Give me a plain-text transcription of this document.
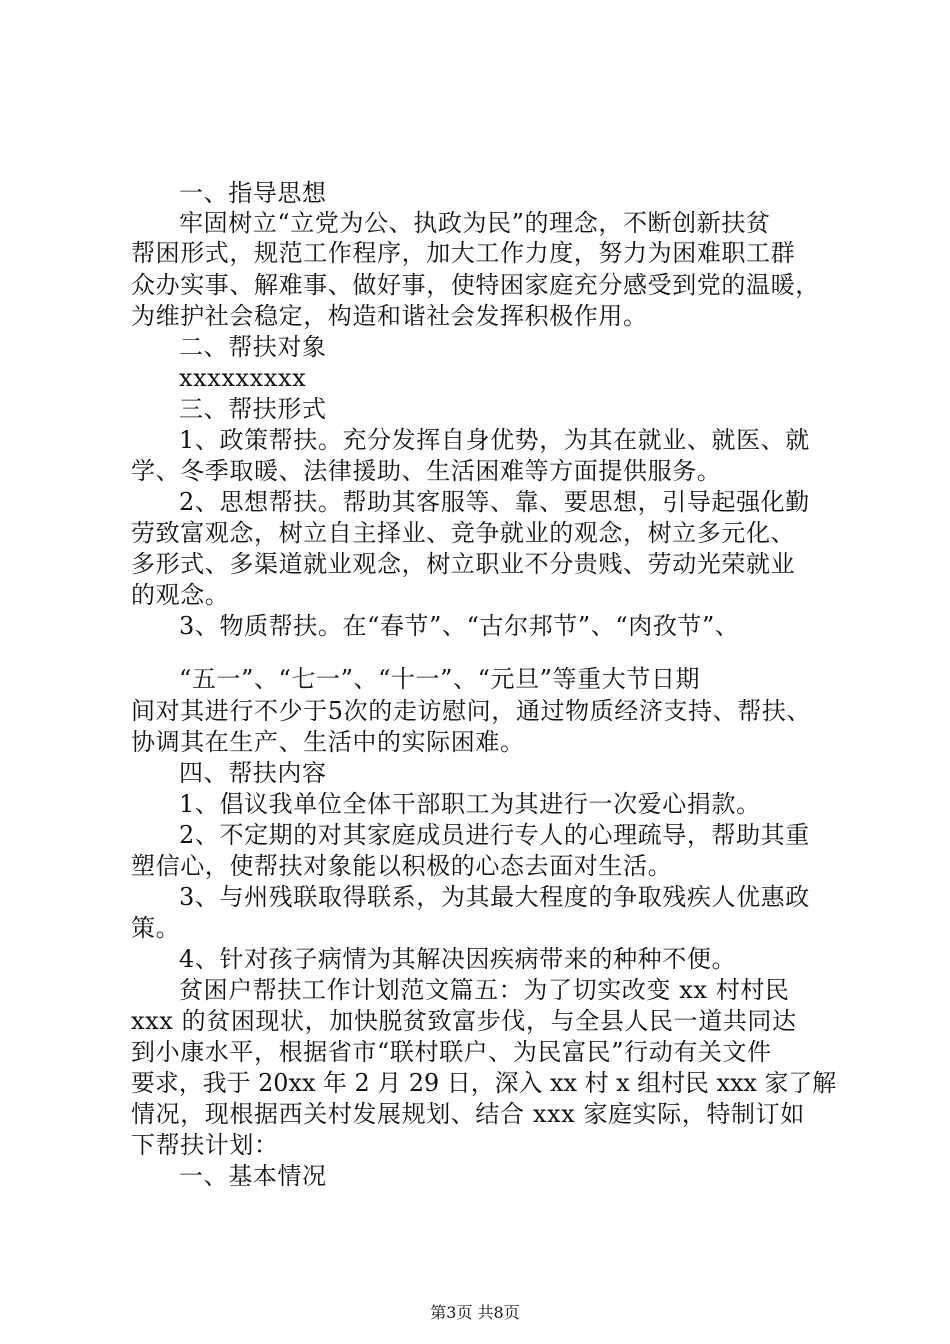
一、指导思想
牢固树立“立党为公、执政为民”的理念，不断创新扶贫
帮困形式，规范工作程序，加大工作力度，努力为困难职工群
众办实事、解难事、做好事，使特困家庭充分感受到党的温暖，
为维护社会稳定，构造和谐社会发挥积极作用。
二、帮扶对象
xxxxxxxxx
三、帮扶形式
1、政策帮扶。充分发挥自身优势，为其在就业、就医、就
学、冬季取暖、法律援助、生活困难等方面提供服务。
2、思想帮扶。帮助其客服等、靠、要思想，引导起强化勤
劳致富观念，树立自主择业、竞争就业的观念，树立多元化、
多形式、多渠道就业观念，树立职业不分贵贱、劳动光荣就业
的观念。
3、物质帮扶。在“春节”、“古尔邦节”、“肉孜节”、
“五一”、“七一”、“十一”、“元旦”等重大节日期
间对其进行不少于5次的走访慰问，通过物质经济支持、帮扶、
协调其在生产、生活中的实际困难。
四、帮扶内容
1、倡议我单位全体干部职工为其进行一次爱心捐款。
2、不定期的对其家庭成员进行专人的心理疏导，帮助其重
塑信心，使帮扶对象能以积极的心态去面对生活。
3、与州残联取得联系，为其最大程度的争取残疾人优惠政
策。
4、针对孩子病情为其解决因疾病带来的种种不便。
贫困户帮扶工作计划范文篇五：为了切实改变 xx 村村民
xxx 的贫困现状，加快脱贫致富步伐，与全县人民一道共同达
到小康水平，根据省市“联村联户、为民富民”行动有关文件
要求，我于 20xx 年 2 月 29 日，深入 xx 村 x 组村民 xxx 家了解
情况，现根据西关村发展规划、结合 xxx 家庭实际，特制订如
下帮扶计划：
一、基本情况
第3页 共8页
